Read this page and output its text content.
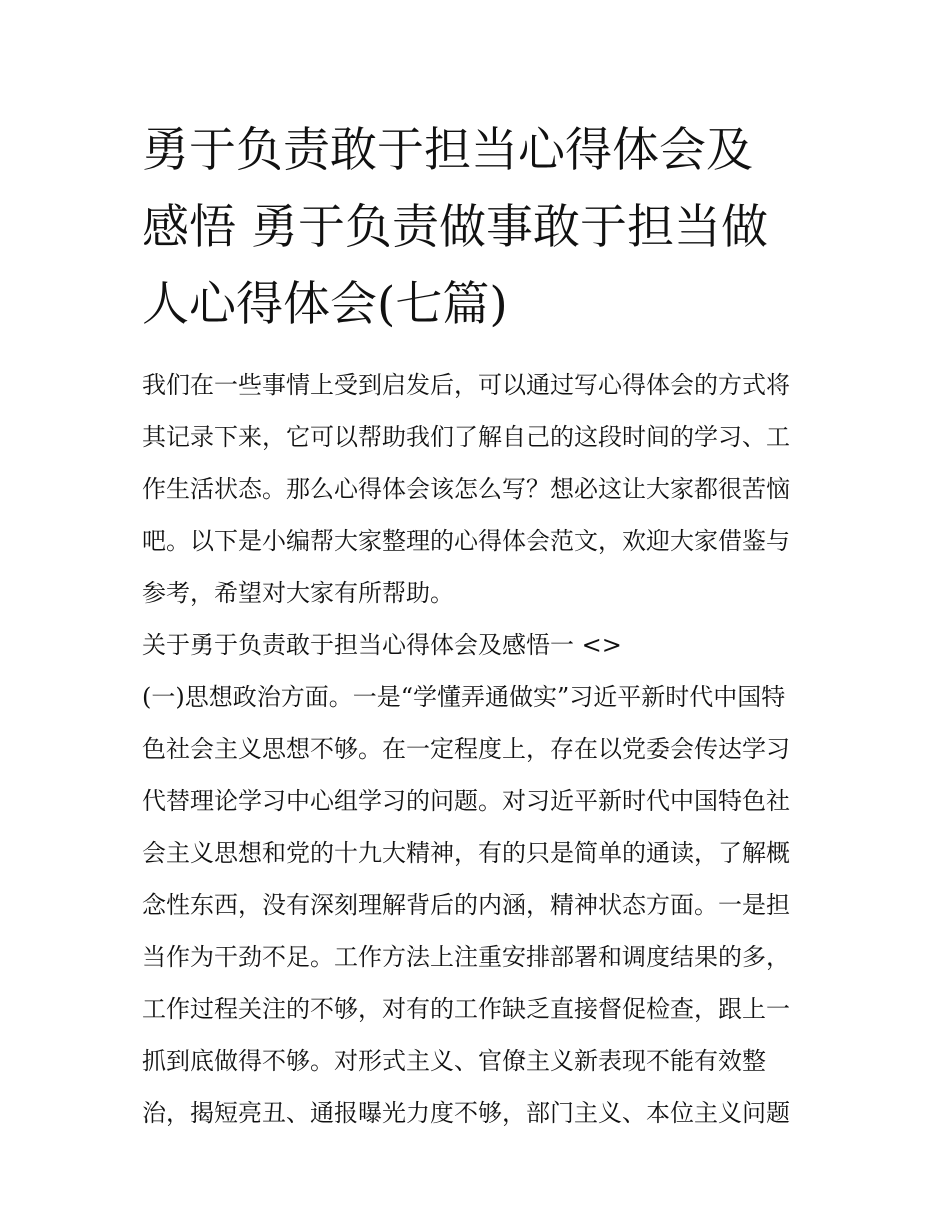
勇于负责敢于担当心得体会及
感悟 勇于负责做事敢于担当做
人心得体会(七篇)
我们在一些事情上受到启发后，可以通过写心得体会的方式将
其记录下来，它可以帮助我们了解自己的这段时间的学习、工
作生活状态。那么心得体会该怎么写？想必这让大家都很苦恼
吧。以下是小编帮大家整理的心得体会范文，欢迎大家借鉴与
参考，希望对大家有所帮助。
关于勇于负责敢于担当心得体会及感悟一 <>
(一)思想政治方面。一是“学懂弄通做实”习近平新时代中国特
色社会主义思想不够。在一定程度上，存在以党委会传达学习
代替理论学习中心组学习的问题。对习近平新时代中国特色社
会主义思想和党的十九大精神，有的只是简单的通读，了解概
念性东西，没有深刻理解背后的内涵，精神状态方面。一是担
当作为干劲不足。工作方法上注重安排部署和调度结果的多，
工作过程关注的不够，对有的工作缺乏直接督促检查，跟上一
抓到底做得不够。对形式主义、官僚主义新表现不能有效整
治，揭短亮丑、通报曝光力度不够，部门主义、本位主义问题
